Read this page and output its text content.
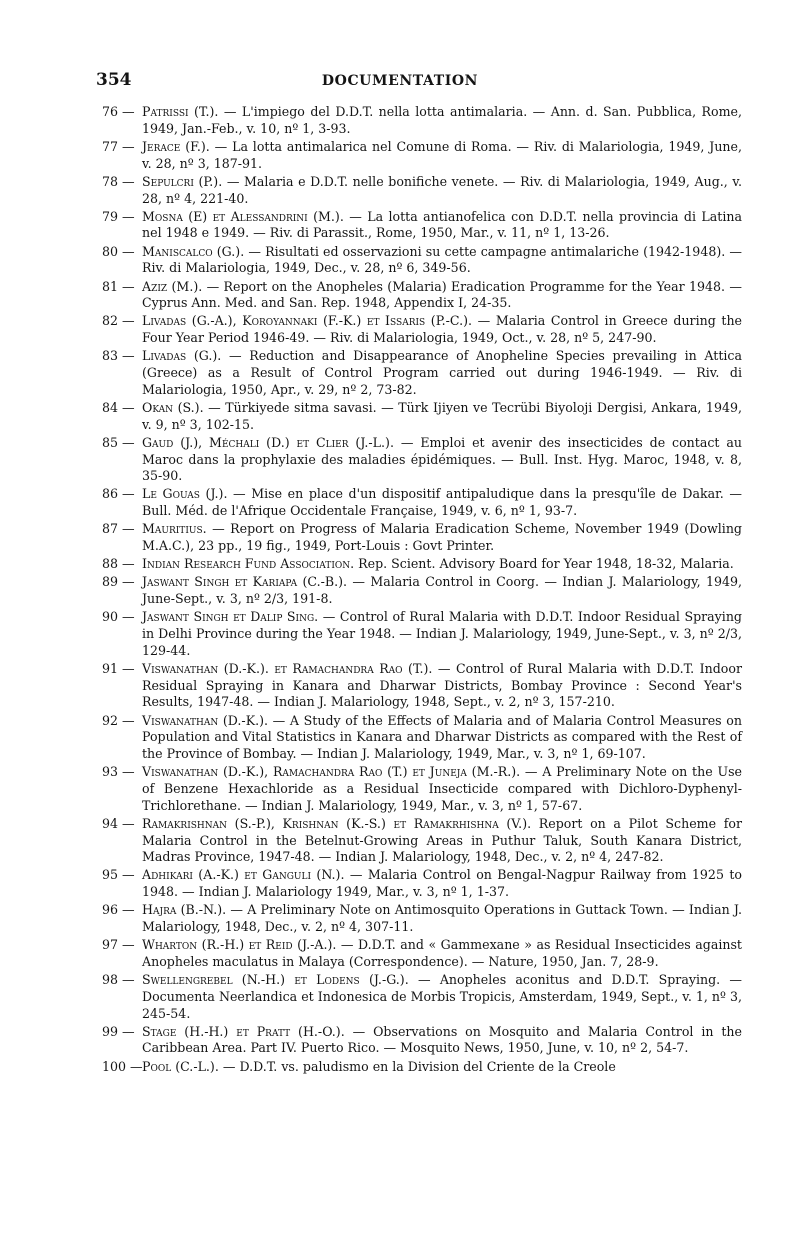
354	DOCUMENTATION
76 — Patrissi (T.). — L'impiego del D.D.T. nella lotta antimalaria. — Ann. d. San. Pubblica, Rome, 1949, Jan.-Feb., v. 10, nº 1, 3-93.
77 — Jerace (F.). — La lotta antimalarica nel Comune di Roma. — Riv. di Malariologia, 1949, June, v. 28, nº 3, 187-91.
78 — Sepulcri (P.). — Malaria e D.D.T. nelle bonifiche venete. — Riv. di Malariologia, 1949, Aug., v. 28, nº 4, 221-40.
79 — Mosna (E) et Alessandrini (M.). — La lotta antianofelica con D.D.T. nella provincia di Latina nel 1948 e 1949. — Riv. di Parassit., Rome, 1950, Mar., v. 11, nº 1, 13-26.
80 — Maniscalco (G.). — Risultati ed osservazioni su cette campagne antimalariche (1942-1948). — Riv. di Malariologia, 1949, Dec., v. 28, nº 6, 349-56.
81 — Aziz (M.). — Report on the Anopheles (Malaria) Eradication Programme for the Year 1948. — Cyprus Ann. Med. and San. Rep. 1948, Appendix I, 24-35.
82 — Livadas (G.-A.), Koroyannaki (F.-K.) et Issaris (P.-C.). — Malaria Control in Greece during the Four Year Period 1946-49. — Riv. di Malariologia, 1949, Oct., v. 28, nº 5, 247-90.
83 — Livadas (G.). — Reduction and Disappearance of Anopheline Species prevailing in Attica (Greece) as a Result of Control Program carried out during 1946-1949. — Riv. di Malariologia, 1950, Apr., v. 29, nº 2, 73-82.
84 — Okan (S.). — Türkiyede sitma savasi. — Türk Ijiyen ve Tecrübi Biyoloji Dergisi, Ankara, 1949, v. 9, nº 3, 102-15.
85 — Gaud (J.), Méchali (D.) et Clier (J.-L.). — Emploi et avenir des insecticides de contact au Maroc dans la prophylaxie des maladies épidémiques. — Bull. Inst. Hyg. Maroc, 1948, v. 8, 35-90.
86 — Le Gouas (J.). — Mise en place d'un dispositif antipaludique dans la presqu'île de Dakar. — Bull. Méd. de l'Afrique Occidentale Française, 1949, v. 6, nº 1, 93-7.
87 — Mauritius. — Report on Progress of Malaria Eradication Scheme, November 1949 (Dowling M.A.C.), 23 pp., 19 fig., 1949, Port-Louis : Govt Printer.
88 — Indian Research Fund Association. Rep. Scient. Advisory Board for Year 1948, 18-32, Malaria.
89 — Jaswant Singh et Kariapa (C.-B.). — Malaria Control in Coorg. — Indian J. Malariology, 1949, June-Sept., v. 3, nº 2/3, 191-8.
90 — Jaswant Singh et Dalip Sing. — Control of Rural Malaria with D.D.T. Indoor Residual Spraying in Delhi Province during the Year 1948. — Indian J. Malariology, 1949, June-Sept., v. 3, nº 2/3, 129-44.
91 — Viswanathan (D.-K.). et Ramachandra Rao (T.). — Control of Rural Malaria with D.D.T. Indoor Residual Spraying in Kanara and Dharwar Districts, Bombay Province : Second Year's Results, 1947-48. — Indian J. Malariology, 1948, Sept., v. 2, nº 3, 157-210.
92 — Viswanathan (D.-K.). — A Study of the Effects of Malaria and of Malaria Control Measures on Population and Vital Statistics in Kanara and Dharwar Districts as compared with the Rest of the Province of Bombay. — Indian J. Malariology, 1949, Mar., v. 3, nº 1, 69-107.
93 — Viswanathan (D.-K.), Ramachandra Rao (T.) et Juneja (M.-R.). — A Preliminary Note on the Use of Benzene Hexachloride as a Residual Insecticide compared with Dichloro-Dyphenyl-Trichlorethane. — Indian J. Malariology, 1949, Mar., v. 3, nº 1, 57-67.
94 — Ramakrishnan (S.-P.), Krishnan (K.-S.) et Ramakrhishna (V.). Report on a Pilot Scheme for Malaria Control in the Betelnut-Growing Areas in Puthur Taluk, South Kanara District, Madras Province, 1947-48. — Indian J. Malariology, 1948, Dec., v. 2, nº 4, 247-82.
95 — Adhikari (A.-K.) et Ganguli (N.). — Malaria Control on Bengal-Nagpur Railway from 1925 to 1948. — Indian J. Malariology 1949, Mar., v. 3, nº 1, 1-37.
96 — Hajra (B.-N.). — A Preliminary Note on Antimosquito Operations in Guttack Town. — Indian J. Malariology, 1948, Dec., v. 2, nº 4, 307-11.
97 — Wharton (R.-H.) et Reid (J.-A.). — D.D.T. and « Gammexane » as Residual Insecticides against Anopheles maculatus in Malaya (Correspondence). — Nature, 1950, Jan. 7, 28-9.
98 — Swellengrebel (N.-H.) et Lodens (J.-G.). — Anopheles aconitus and D.D.T. Spraying. — Documenta Neerlandica et Indonesica de Morbis Tropicis, Amsterdam, 1949, Sept., v. 1, nº 3, 245-54.
99 — Stage (H.-H.) et Pratt (H.-O.). — Observations on Mosquito and Malaria Control in the Caribbean Area. Part IV. Puerto Rico. — Mosquito News, 1950, June, v. 10, nº 2, 54-7.
100 — Pool (C.-L.). — D.D.T. vs. paludismo en la Division del Criente de la Creole
